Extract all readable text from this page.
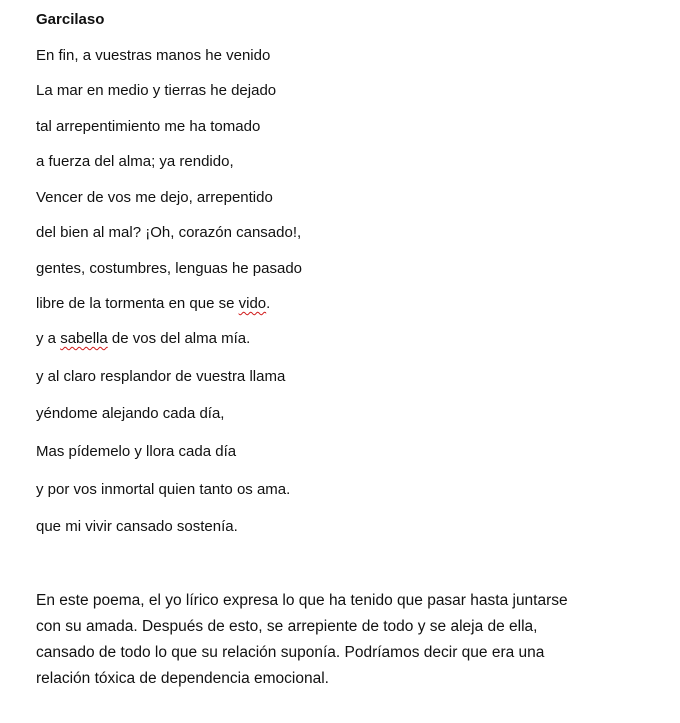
Garcilaso
En fin, a vuestras manos he venido
La mar en medio y tierras he dejado
tal arrepentimiento me ha tomado
a fuerza del alma; ya rendido,
Vencer de vos me dejo, arrepentido
del bien al mal? ¡Oh, corazón cansado!,
gentes, costumbres, lenguas he pasado
libre de la tormenta en que se vido.
y a sabella de vos del alma mía.
y al claro resplandor de vuestra llama
yéndome alejando cada día,
Mas pídemelo y llora cada día
y por vos inmortal quien tanto os ama.
que mi vivir cansado sostenía.
En este poema, el yo lírico expresa lo que ha tenido que pasar hasta juntarse
con su amada. Después de esto, se arrepiente de todo y se aleja de ella,
cansado de todo lo que su relación suponía. Podríamos decir que era una
relación tóxica de dependencia emocional.
